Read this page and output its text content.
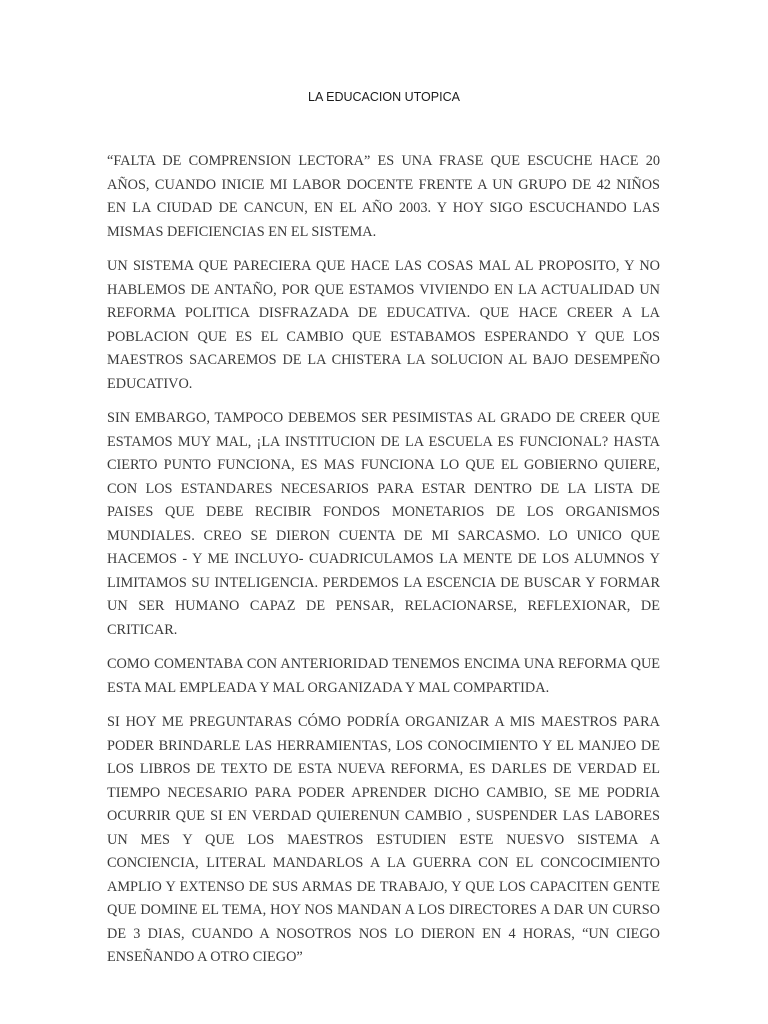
LA EDUCACION UTOPICA

“FALTA DE COMPRENSION LECTORA” ES UNA FRASE QUE ESCUCHE HACE 20 AÑOS, CUANDO INICIE MI LABOR DOCENTE FRENTE A UN GRUPO DE 42 NIÑOS EN LA CIUDAD DE CANCUN, EN EL AÑO 2003. Y HOY SIGO ESCUCHANDO LAS MISMAS DEFICIENCIAS EN EL SISTEMA.

UN SISTEMA QUE PARECIERA QUE HACE LAS COSAS MAL AL PROPOSITO, Y NO HABLEMOS DE ANTAÑO, POR QUE ESTAMOS VIVIENDO EN LA ACTUALIDAD UN REFORMA POLITICA DISFRAZADA DE EDUCATIVA. QUE HACE CREER A LA POBLACION QUE ES EL CAMBIO QUE ESTABAMOS ESPERANDO Y QUE LOS MAESTROS SACAREMOS DE LA CHISTERA LA SOLUCION AL BAJO DESEMPEÑO EDUCATIVO.

SIN EMBARGO, TAMPOCO DEBEMOS SER PESIMISTAS AL GRADO DE CREER QUE ESTAMOS MUY MAL, ¡LA INSTITUCION DE LA ESCUELA ES FUNCIONAL? HASTA CIERTO PUNTO FUNCIONA, ES MAS FUNCIONA LO QUE EL GOBIERNO QUIERE, CON LOS ESTANDARES NECESARIOS PARA ESTAR DENTRO DE LA LISTA DE PAISES QUE DEBE RECIBIR FONDOS MONETARIOS DE LOS ORGANISMOS MUNDIALES. CREO SE DIERON CUENTA DE MI SARCASMO. LO UNICO QUE HACEMOS - Y ME INCLUYO- CUADRICULAMOS LA MENTE DE LOS ALUMNOS Y LIMITAMOS SU INTELIGENCIA. PERDEMOS LA ESCENCIA DE BUSCAR Y FORMAR UN SER HUMANO CAPAZ DE PENSAR, RELACIONARSE, REFLEXIONAR, DE CRITICAR.

COMO COMENTABA CON ANTERIORIDAD TENEMOS ENCIMA UNA REFORMA QUE ESTA MAL EMPLEADA Y MAL ORGANIZADA Y MAL COMPARTIDA.

SI HOY ME PREGUNTARAS CÓMO PODRÍA ORGANIZAR A MIS MAESTROS PARA PODER BRINDARLE LAS HERRAMIENTAS, LOS CONOCIMIENTO Y EL MANJEO DE LOS LIBROS DE TEXTO DE ESTA NUEVA REFORMA, ES DARLES DE VERDAD EL TIEMPO NECESARIO PARA PODER APRENDER DICHO CAMBIO, SE ME PODRIA OCURRIR QUE SI EN VERDAD QUIERENUN CAMBIO , SUSPENDER LAS LABORES UN MES Y QUE LOS MAESTROS ESTUDIEN ESTE NUESVO SISTEMA A CONCIENCIA, LITERAL MANDARLOS A LA GUERRA CON EL CONCOCIMIENTO AMPLIO Y EXTENSO DE SUS ARMAS DE TRABAJO, Y QUE LOS CAPACITEN GENTE QUE DOMINE EL TEMA, HOY NOS MANDAN A LOS DIRECTORES A DAR UN CURSO DE 3 DIAS, CUANDO A NOSOTROS NOS LO DIERON EN 4 HORAS, “UN CIEGO ENSEÑANDO A OTRO CIEGO”
